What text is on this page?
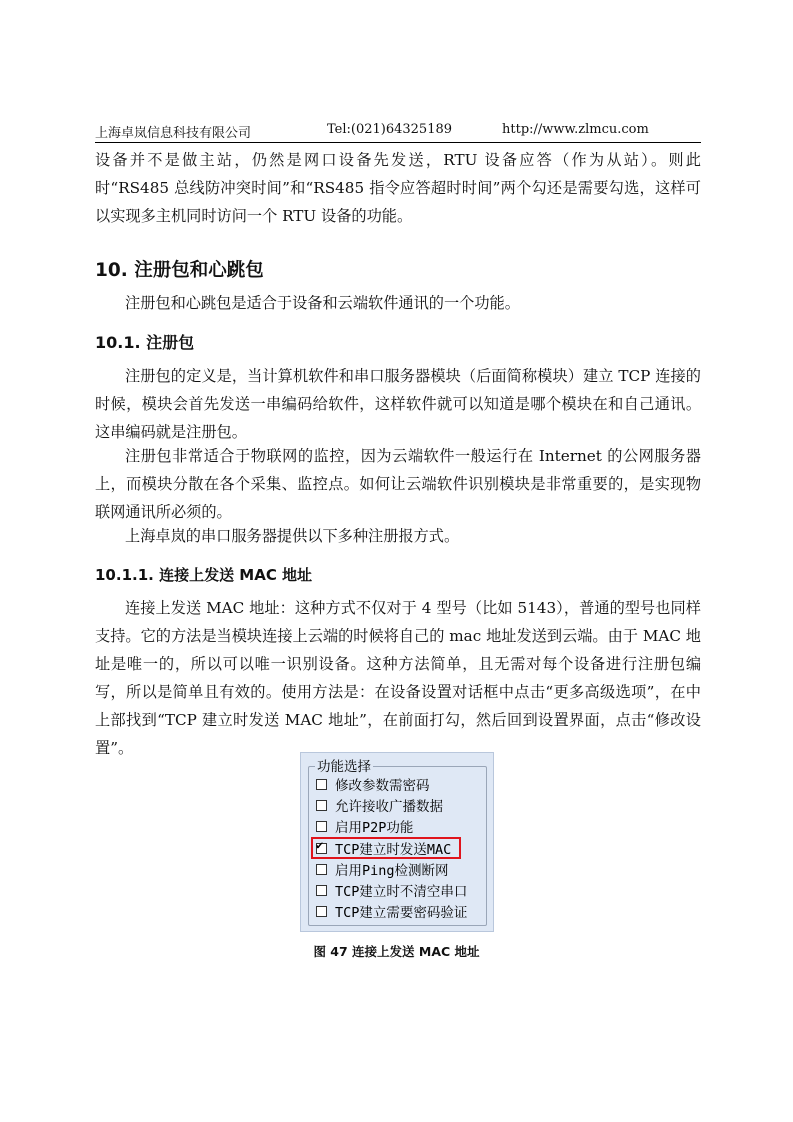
上海卓岚信息科技有限公司	Tel:(021)64325189	http://www.zlmcu.com

设备并不是做主站，仍然是网口设备先发送，RTU 设备应答（作为从站）。则此时“RS485 总线防冲突时间”和“RS485 指令应答超时时间”两个勾还是需要勾选，这样可以实现多主机同时访问一个 RTU 设备的功能。

10. 注册包和心跳包

注册包和心跳包是适合于设备和云端软件通讯的一个功能。

10.1. 注册包

注册包的定义是，当计算机软件和串口服务器模块（后面简称模块）建立 TCP 连接的时候，模块会首先发送一串编码给软件，这样软件就可以知道是哪个模块在和自己通讯。这串编码就是注册包。

注册包非常适合于物联网的监控，因为云端软件一般运行在 Internet 的公网服务器上，而模块分散在各个采集、监控点。如何让云端软件识别模块是非常重要的，是实现物联网通讯所必须的。

上海卓岚的串口服务器提供以下多种注册报方式。

10.1.1. 连接上发送 MAC 地址

连接上发送 MAC 地址：这种方式不仅对于 4 型号（比如 5143），普通的型号也同样支持。它的方法是当模块连接上云端的时候将自己的 mac 地址发送到云端。由于 MAC 地址是唯一的，所以可以唯一识别设备。这种方法简单，且无需对每个设备进行注册包编写，所以是简单且有效的。使用方法是：在设备设置对话框中点击“更多高级选项”，在中上部找到“TCP 建立时发送 MAC 地址”，在前面打勾，然后回到设置界面，点击“修改设置”。

功能选择
修改参数需密码
允许接收广播数据
启用P2P功能
✔ TCP建立时发送MAC
启用Ping检测断网
TCP建立时不清空串口
TCP建立需要密码验证
图 47 连接上发送 MAC 地址
